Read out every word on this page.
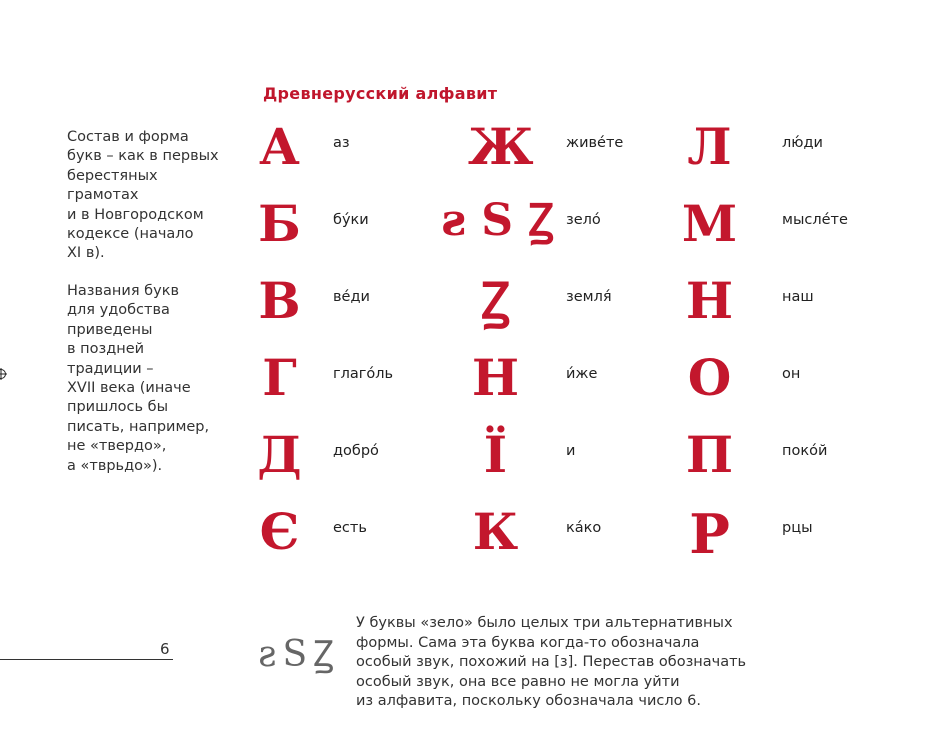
Древнерусский алфавит
Состав и форма
букв – как в первых
берестяных
грамотах
и в Новгородском
кодексе (начало
XI в).
Названия букв
для удобства
приведены
в поздней
традиции –
XVII века (иначе
пришлось бы
писать, например,
не «твердо»,
а «тврьдо»).
А	аз
Б	бу́ки
В	ве́ди
Г	глаго́ль
Д	добро́
Є	есть
Ж живе́те
ƨ S Ꙁ зело́
Ꙁ	земля́
Н	и́же
Ї	и
К	ка́ко
Л	лю́ди
М	мысле́те
Н	наш
О	он
П	поко́й
Р	рцы
6 ƨSꙀ
У буквы «зело» было целых три альтернативных
формы. Сама эта буква когда-то обозначала
особый звук, похожий на [з]. Перестав обозначать
особый звук, она все равно не могла уйти
из алфавита, поскольку обозначала число 6.
